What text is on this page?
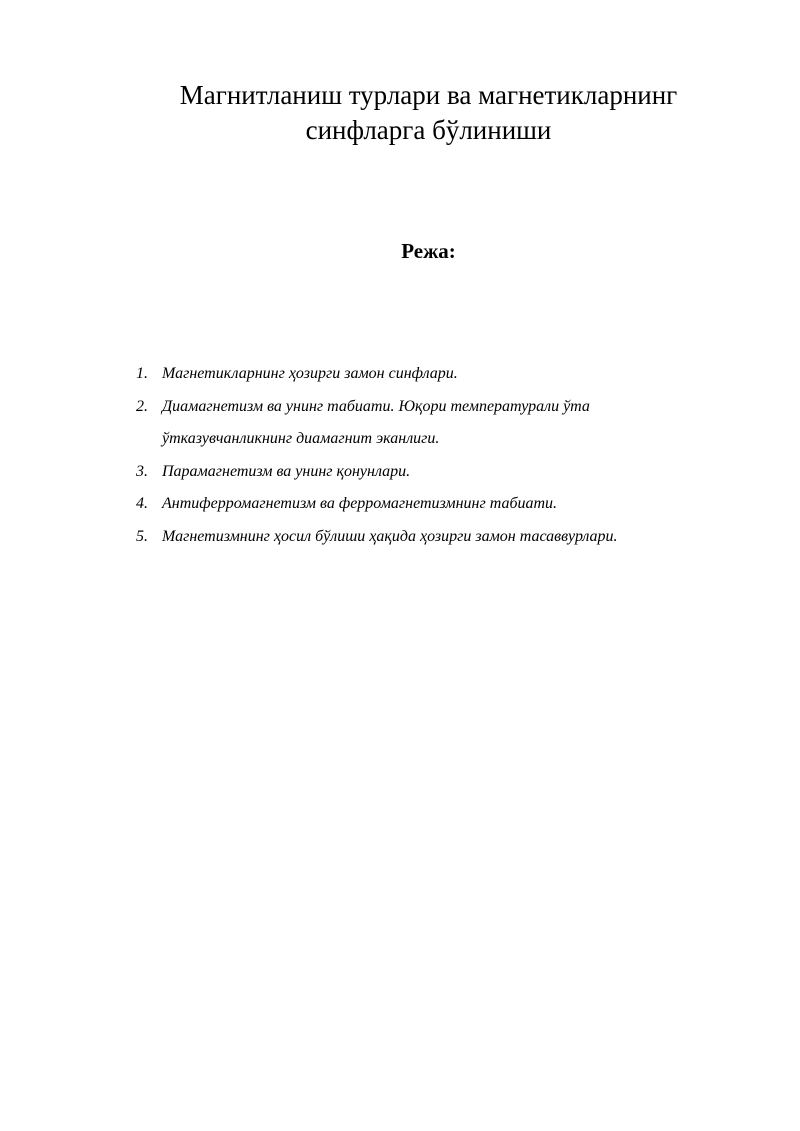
Магнитланиш турлари ва магнетикларнинг
синфларга бўлиниши
Режа:
1. Магнетикларнинг ҳозирги замон синфлари.
2. Диамагнетизм ва унинг табиати. Юқори температурали ўта
ўтказувчанликнинг диамагнит эканлиги.
3. Парамагнетизм ва унинг қонунлари.
4. Антиферромагнетизм ва ферромагнетизмнинг табиати.
5. Магнетизмнинг ҳосил бўлиши ҳақида ҳозирги замон тасаввурлари.
